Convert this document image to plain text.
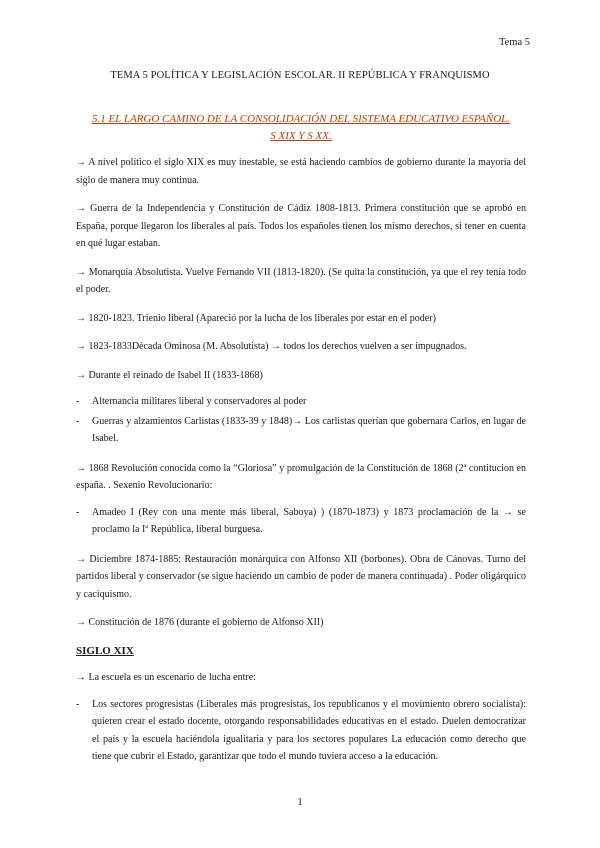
Tema 5
TEMA 5 POLÍTICA Y LEGISLACIÓN ESCOLAR. II REPÚBLICA Y FRANQUISMO
5.1 EL LARGO CAMINO DE LA CONSOLIDACIÓN DEL SISTEMA EDUCATIVO ESPAÑOL.
S XIX Y S XX.

→ A nivel político el siglo XIX es muy inestable, se está haciendo cambios de gobierno durante la mayoría del siglo de manera muy continua.

→ Guerra de la Independencia y Constitución de Cádiz 1808-1813. Primera constitución que se aprobó en España, porque llegaron los liberales al país. Todos los españoles tienen los mismo derechos, si tener en cuenta en qué lugar estaban.

→ Monarquía Absolutista. Vuelve Fernando VII (1813-1820). (Se quita la constitución, ya que el rey tenía todo el poder.

→ 1820-1823. Trienio liberal (Apareció por la lucha de los liberales por estar en el poder)

→ 1823-1833Década Ominosa (M. Absolutista) → todos los derechos vuelven a ser impugnados.

→ Durante el reinado de Isabel II (1833-1868)

- Alternancia militares liberal y conservadores al poder
- Guerras y alzamientos Carlistas (1833-39 y 1848)→ Los carlistas querían que gobernara Carlos, en lugar de Isabel.

→ 1868 Revolución conocida como la “Gloriosa” y promulgación de la Constitución de 1868 (2ª contitucion en españa. . Sexenio Revolucionario:

- Amadeo I (Rey con una mente más liberal, Saboya) ) (1870-1873) y 1873 proclamación de la → se proclamo la Iª República, liberal burguesa.

→ Diciembre 1874-1885: Restauración monárquica con Alfonso XII (borbones). Obra de Cánovas. Turno del partidos liberal y conservador (se sigue haciendo un cambio de poder de manera continuada) . Poder oligárquico y caciquismo.

→ Constitución de 1876 (durante el gobierno de Alfonso XII)

SIGLO XIX

→ La escuela es un escenario de lucha entre:

- Los sectores progresistas (Liberales más progresistas, los republicanos y el movimiento obrero socialista): quieren crear el estado docente, otorgando responsabilidades educativas en el estado. Duelen democratizar el país y la escuela haciéndola igualitaria y para los sectores populares La educación como derecho que tiene que cubrir el Estado, garantizar que todo el mundo tuviera acceso a la educación.
1
